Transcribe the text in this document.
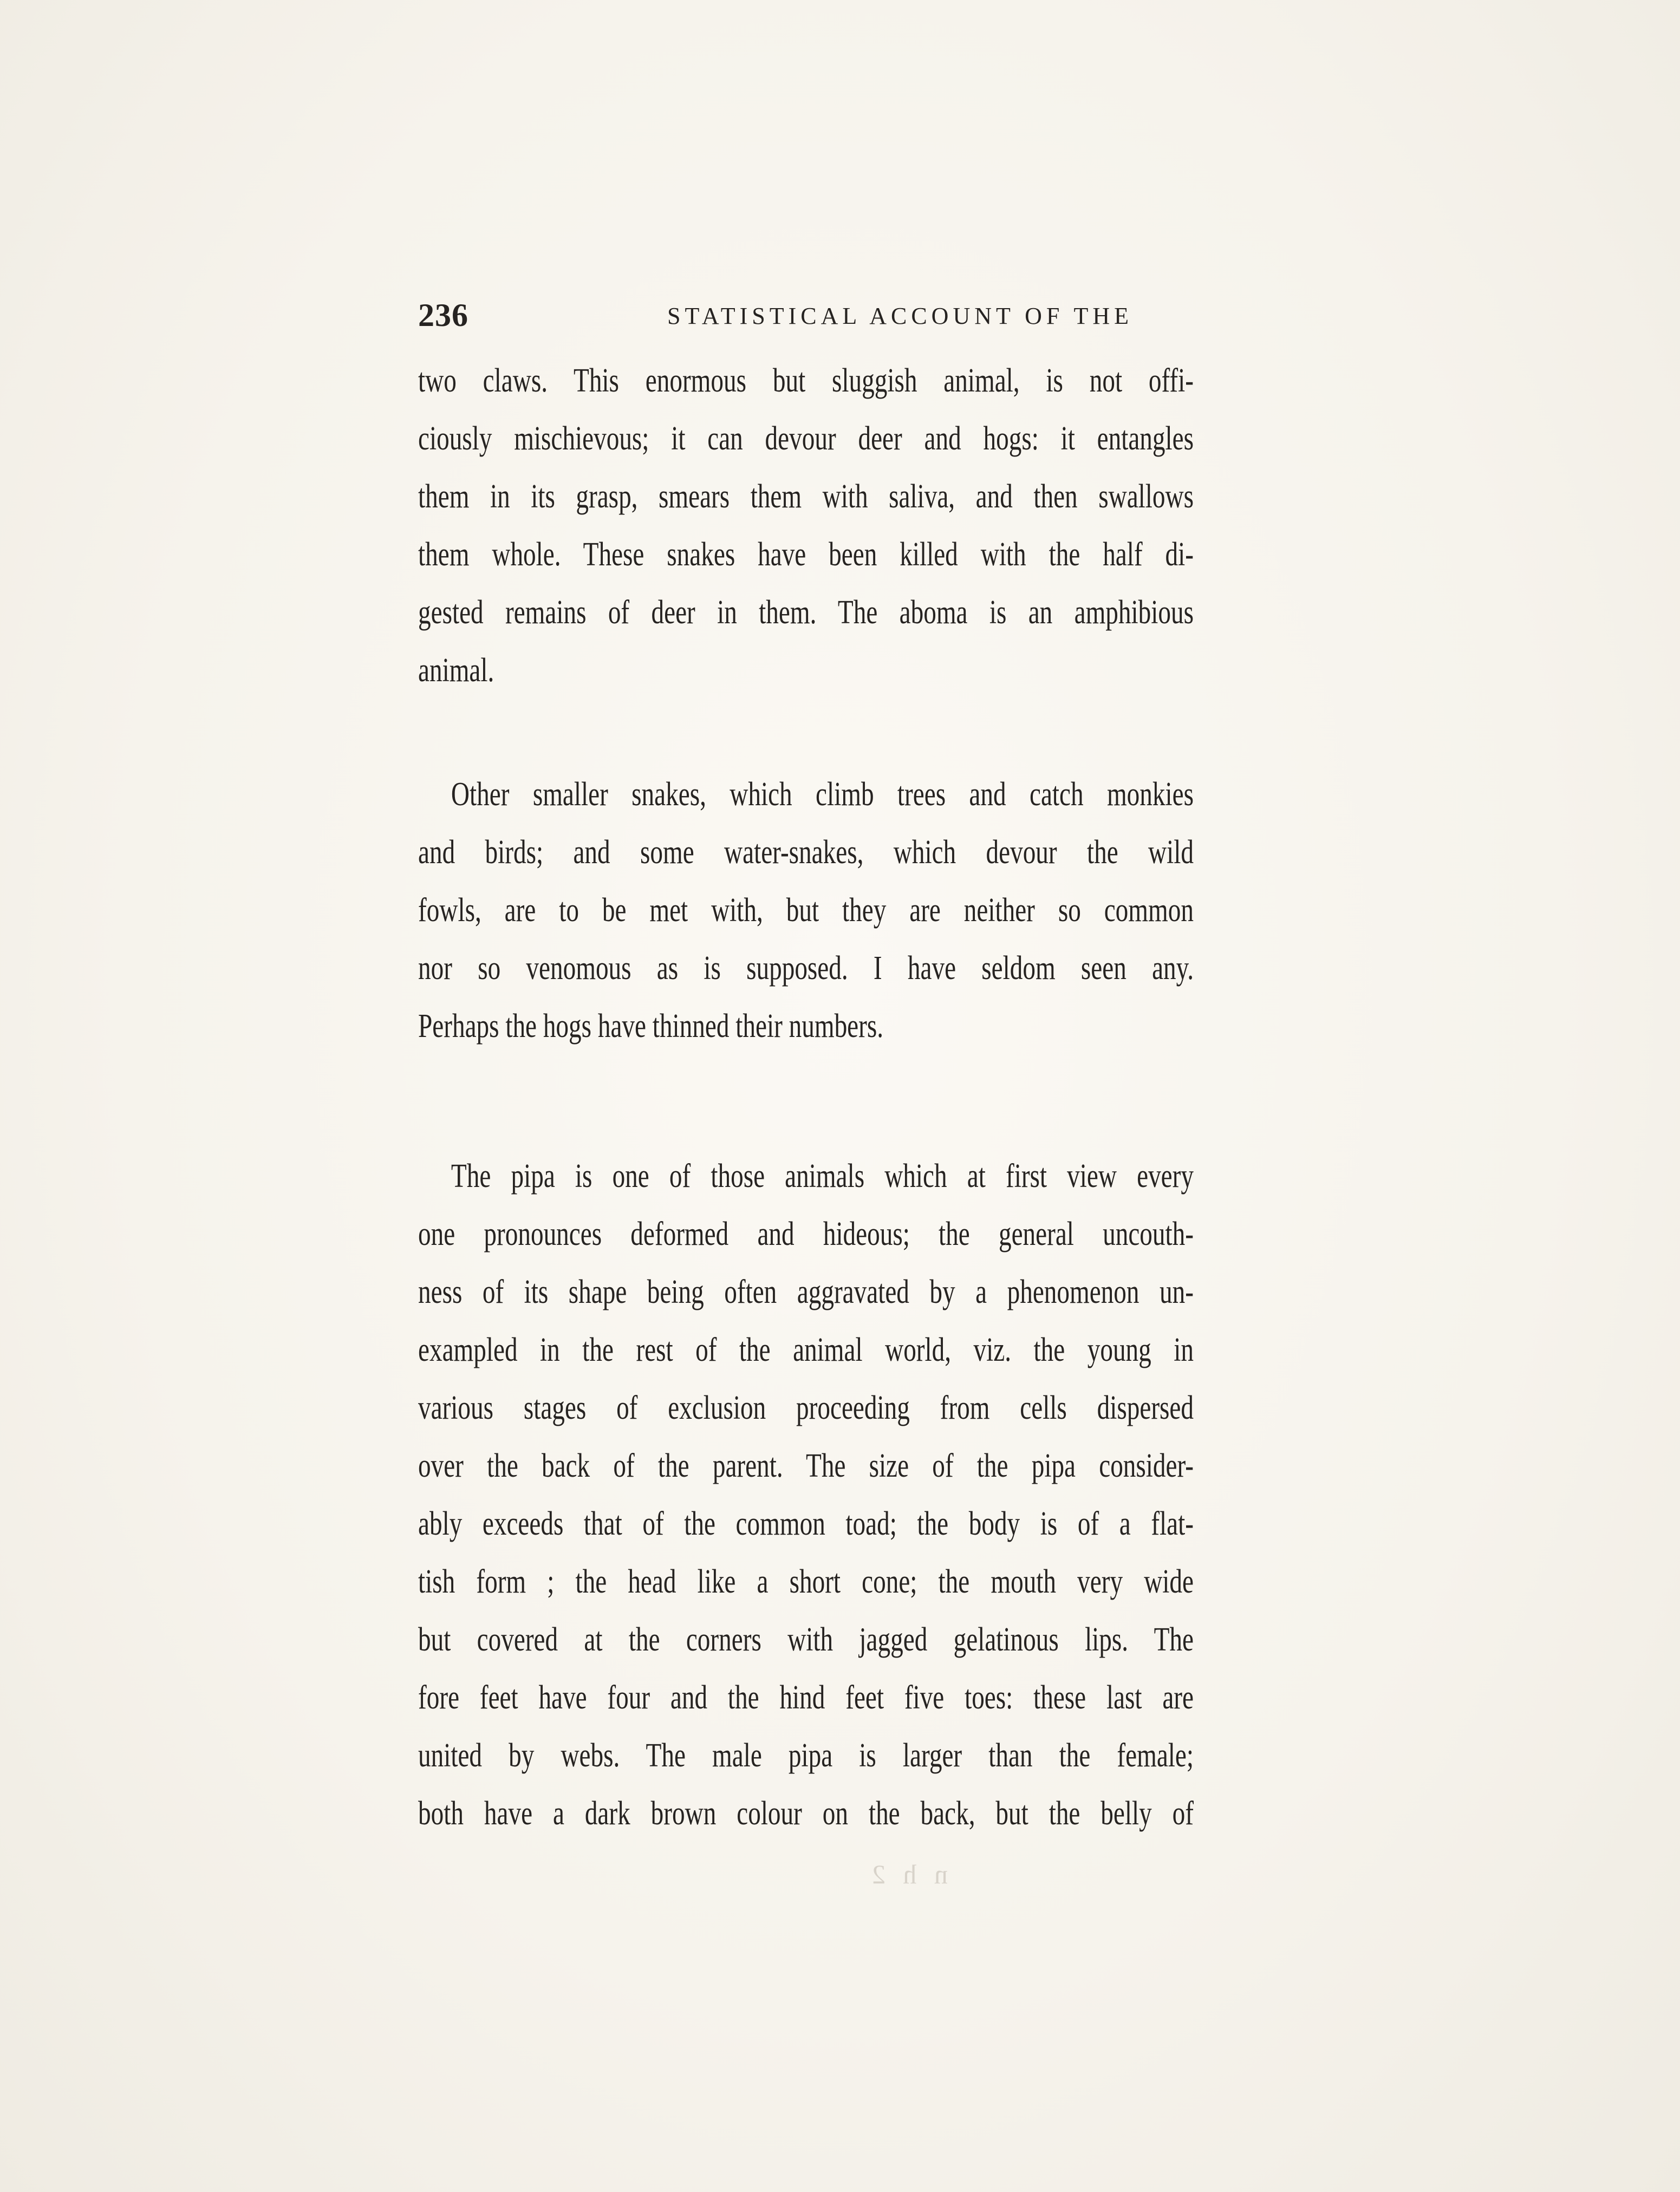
236	STATISTICAL ACCOUNT OF THE
two claws. This enormous but sluggish animal, is not offi-
ciously mischievous; it can devour deer and hogs: it entangles
them in its grasp, smears them with saliva, and then swallows
them whole. These snakes have been killed with the half di-
gested remains of deer in them. The aboma is an amphibious
animal.
Other smaller snakes, which climb trees and catch monkies
and birds; and some water-snakes, which devour the wild
fowls, are to be met with, but they are neither so common
nor so venomous as is supposed. I have seldom seen any.
Perhaps the hogs have thinned their numbers.
The pipa is one of those animals which at first view every
one pronounces deformed and hideous; the general uncouth-
ness of its shape being often aggravated by a phenomenon un-
exampled in the rest of the animal world, viz. the young in
various stages of exclusion proceeding from cells dispersed
over the back of the parent. The size of the pipa consider-
ably exceeds that of the common toad; the body is of a flat-
tish form ; the head like a short cone; the mouth very wide
but covered at the corners with jagged gelatinous lips. The
fore feet have four and the hind feet five toes: these last are
united by webs. The male pipa is larger than the female;
both have a dark brown colour on the back, but the belly of
n h 2
